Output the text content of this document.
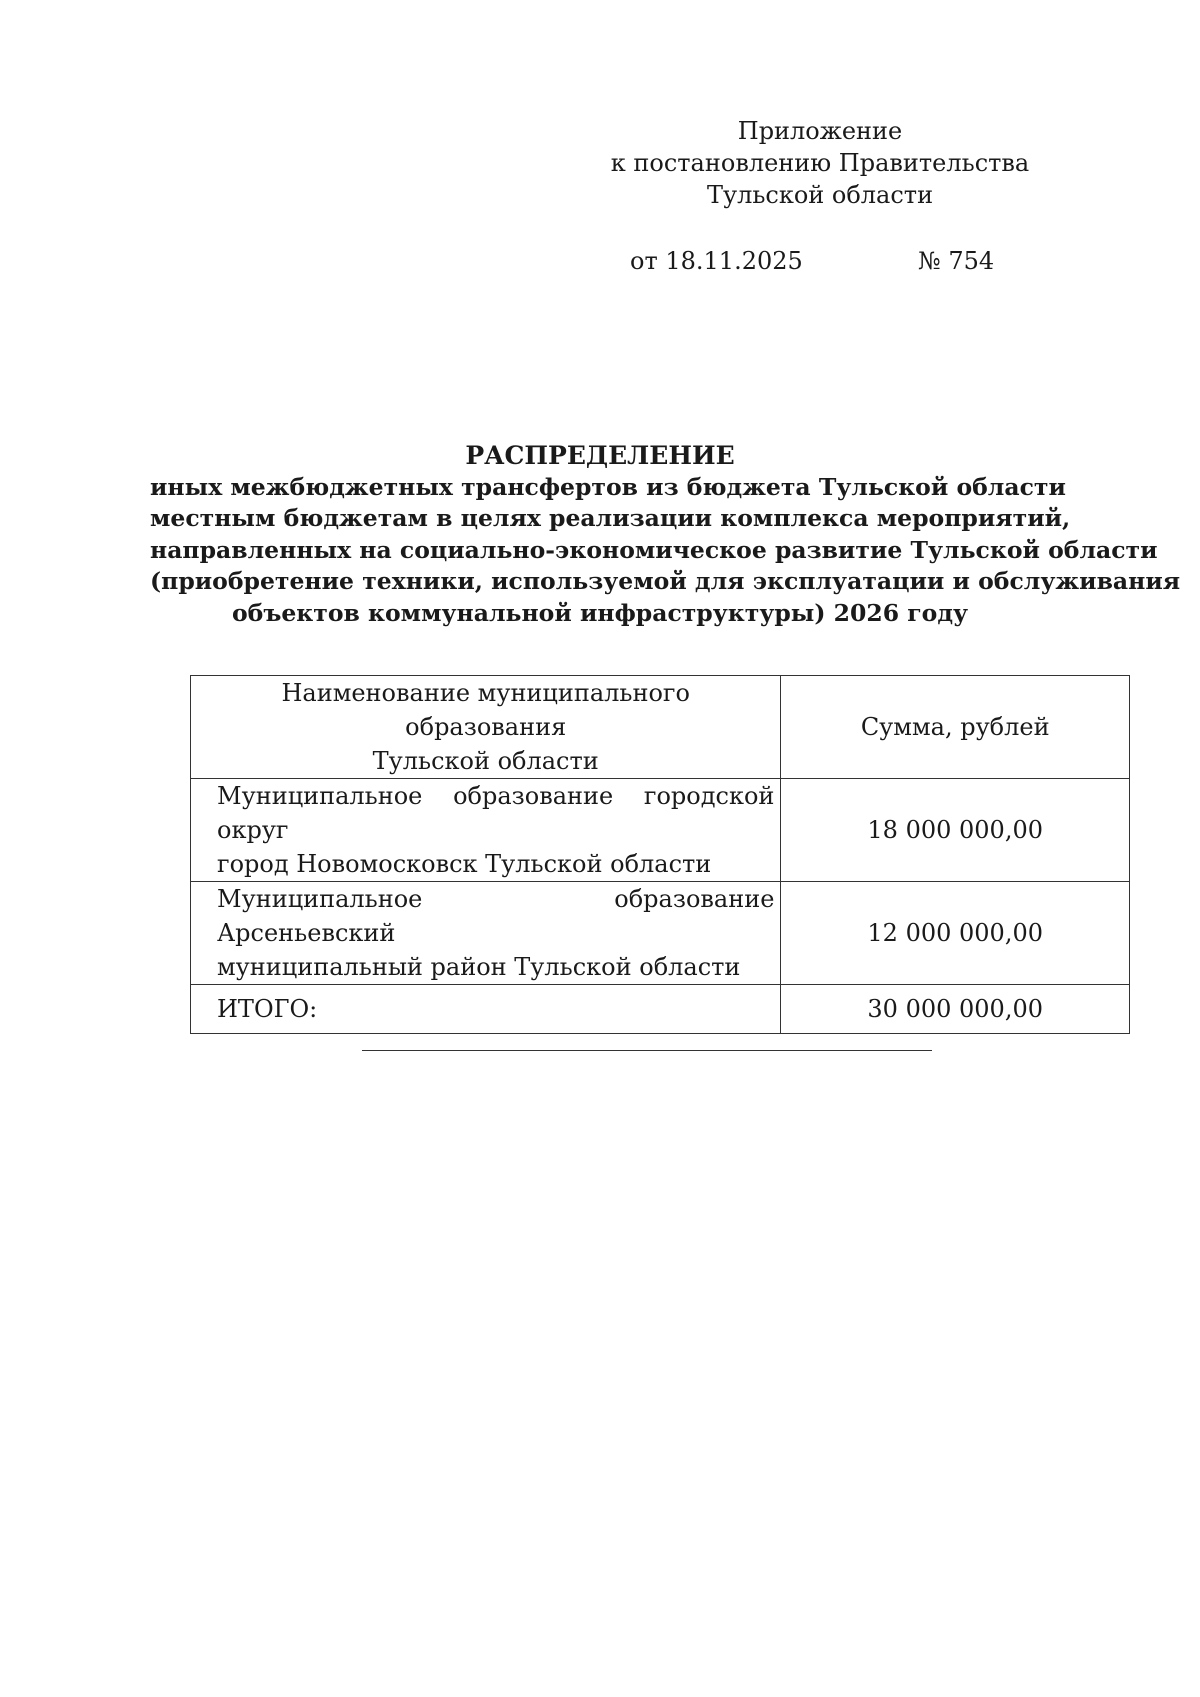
Приложение
к постановлению Правительства
Тульской области
от 18.11.2025	№ 754
РАСПРЕДЕЛЕНИЕ
иных межбюджетных трансфертов из бюджета Тульской области
местным бюджетам в целях реализации комплекса мероприятий,
направленных на социально-экономическое развитие Тульской области
(приобретение техники, используемой для эксплуатации и обслуживания
объектов коммунальной инфраструктуры) 2026 году
Наименование муниципального образования
Тульской области	Сумма, рублей
Муниципальное образование городской округ
город Новомосковск Тульской области	18 000 000,00
Муниципальное образование Арсеньевский
муниципальный район Тульской области	12 000 000,00
ИТОГО:	30 000 000,00
